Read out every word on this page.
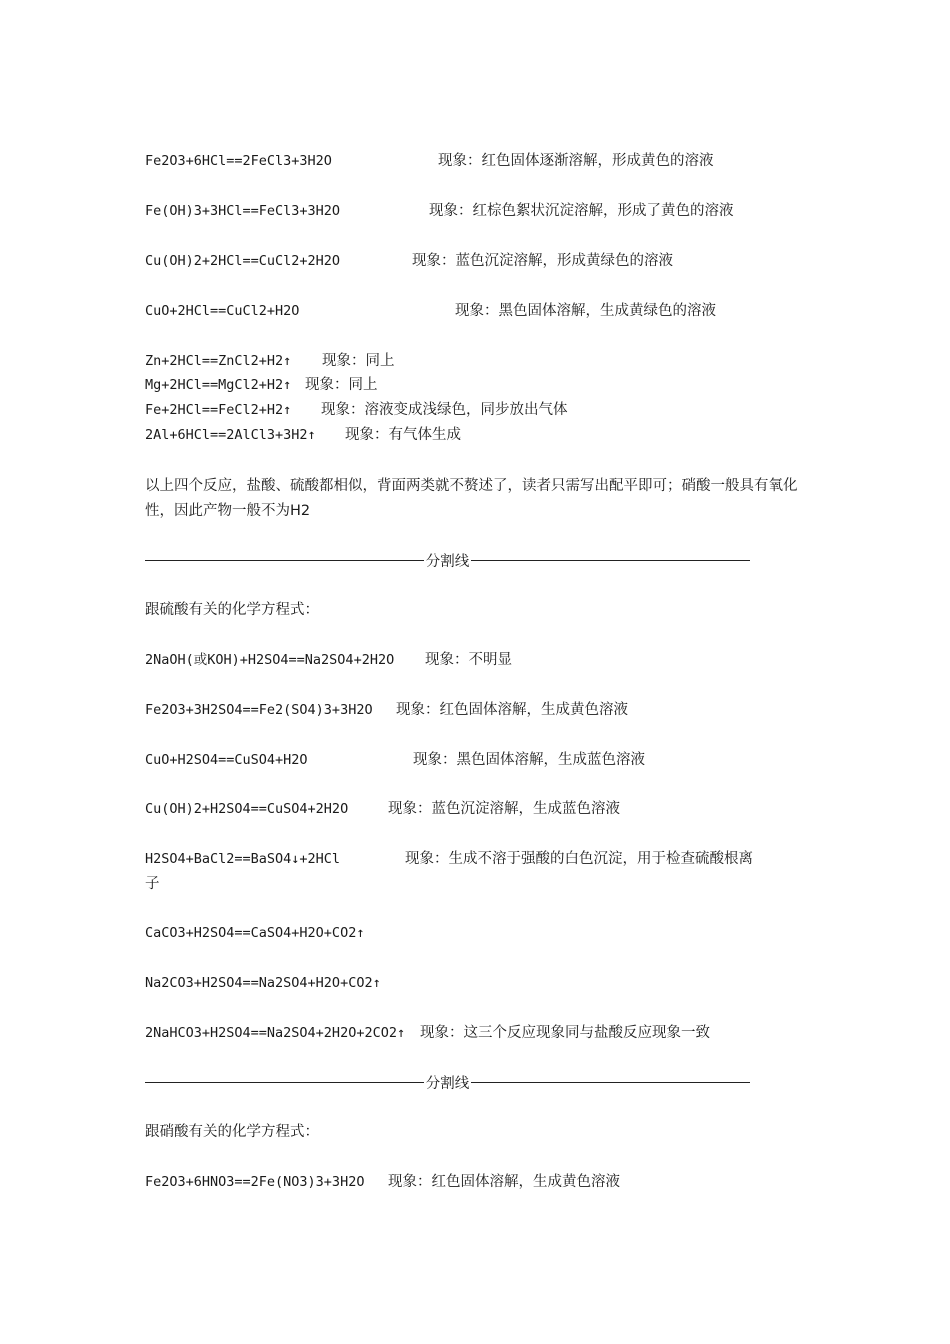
Fe2O3+6HCl==2FeCl3+3H2O	现象：红色固体逐渐溶解，形成黄色的溶液
Fe(OH)3+3HCl==FeCl3+3H2O	现象：红棕色絮状沉淀溶解，形成了黄色的溶液
Cu(OH)2+2HCl==CuCl2+2H2O	现象：蓝色沉淀溶解，形成黄绿色的溶液
CuO+2HCl==CuCl2+H2O	现象：黑色固体溶解，生成黄绿色的溶液
Zn+2HCl==ZnCl2+H2↑ 现象：同上
Mg+2HCl==MgCl2+H2↑ 现象：同上
Fe+2HCl==FeCl2+H2↑ 现象：溶液变成浅绿色，同步放出气体
2Al+6HCl==2AlCl3+3H2↑ 现象：有气体生成
以上四个反应，盐酸、硫酸都相似，背面两类就不赘述了，读者只需写出配平即可；硝酸一般具有氧化性，因此产物一般不为H2
分割线
跟硫酸有关的化学方程式：
2NaOH(或KOH)+H2SO4==Na2SO4+2H2O 现象：不明显
Fe2O3+3H2SO4==Fe2(SO4)3+3H2O 现象：红色固体溶解，生成黄色溶液
CuO+H2SO4==CuSO4+H2O	现象：黑色固体溶解，生成蓝色溶液
Cu(OH)2+H2SO4==CuSO4+2H2O	现象：蓝色沉淀溶解，生成蓝色溶液
H2SO4+BaCl2==BaSO4↓+2HCl	现象：生成不溶于强酸的白色沉淀，用于检查硫酸根离
子
CaCO3+H2SO4==CaSO4+H2O+CO2↑
Na2CO3+H2SO4==Na2SO4+H2O+CO2↑
2NaHCO3+H2SO4==Na2SO4+2H2O+2CO2↑ 现象：这三个反应现象同与盐酸反应现象一致
分割线
跟硝酸有关的化学方程式：
Fe2O3+6HNO3==2Fe(NO3)3+3H2O 现象：红色固体溶解，生成黄色溶液
